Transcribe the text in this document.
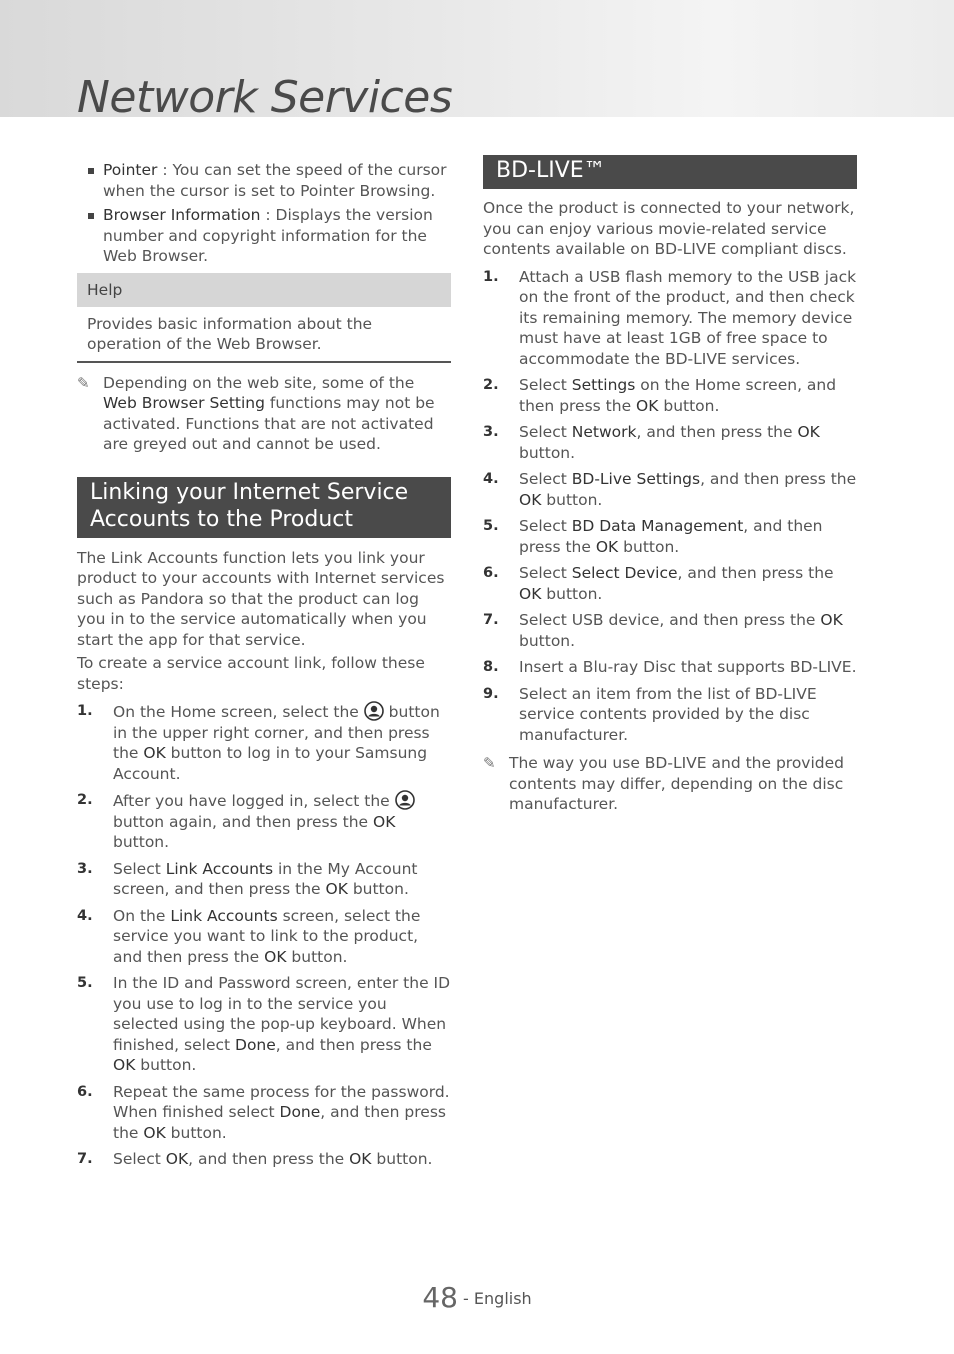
Network Services
Pointer : You can set the speed of the cursor when the cursor is set to Pointer Browsing.
Browser Information : Displays the version number and copyright information for the Web Browser.
Help
Provides basic information about the operation of the Web Browser.
✎ Depending on the web site, some of the Web Browser Setting functions may not be activated. Functions that are not activated are greyed out and cannot be used.
Linking your Internet Service Accounts to the Product

The Link Accounts function lets you link your product to your accounts with Internet services such as Pandora so that the product can log you in to the service automatically when you start the app for that service.

To create a service account link, follow these steps:

1. On the Home screen, select the  button in the upper right corner, and then press the OK button to log in to your Samsung Account.
2. After you have logged in, select the  button again, and then press the OK button.
3. Select Link Accounts in the My Account screen, and then press the OK button.
4. On the Link Accounts screen, select the service you want to link to the product, and then press the OK button.
5. In the ID and Password screen, enter the ID you use to log in to the service you selected using the pop-up keyboard. When finished, select Done, and then press the OK button.
6. Repeat the same process for the password. When finished select Done, and then press the OK button.
7. Select OK, and then press the OK button.
BD-LIVE™

Once the product is connected to your network, you can enjoy various movie-related service contents available on BD-LIVE compliant discs.

1. Attach a USB flash memory to the USB jack on the front of the product, and then check its remaining memory. The memory device must have at least 1GB of free space to accommodate the BD-LIVE services.
2. Select Settings on the Home screen, and then press the OK button.
3. Select Network, and then press the OK button.
4. Select BD-Live Settings, and then press the OK button.
5. Select BD Data Management, and then press the OK button.
6. Select Select Device, and then press the OK button.
7. Select USB device, and then press the OK button.
8. Insert a Blu-ray Disc that supports BD-LIVE.
9. Select an item from the list of BD-LIVE service contents provided by the disc manufacturer.
✎ The way you use BD-LIVE and the provided contents may differ, depending on the disc manufacturer.
48 - English
